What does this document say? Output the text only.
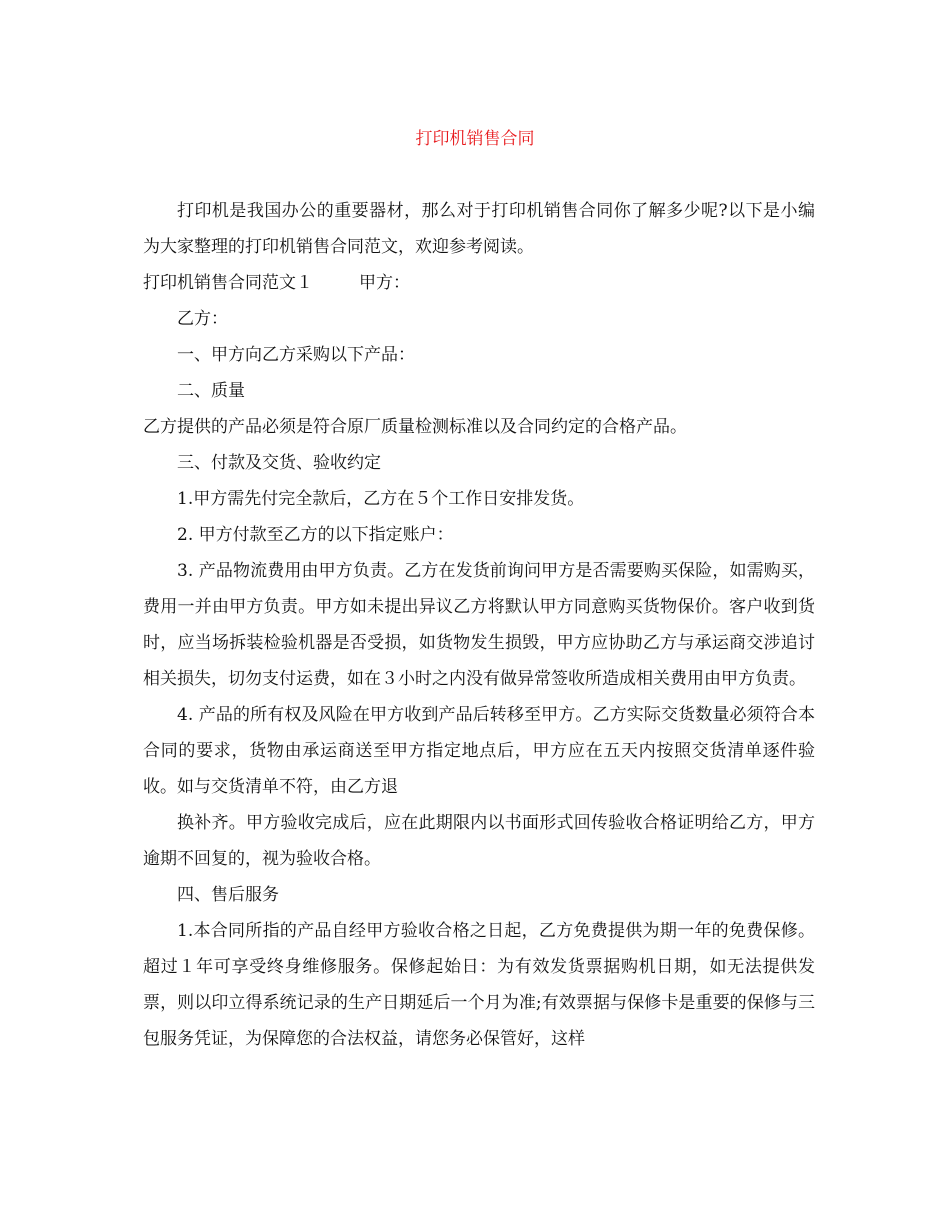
打印机销售合同

打印机是我国办公的重要器材，那么对于打印机销售合同你了解多少呢?以下是小编为大家整理的打印机销售合同范文，欢迎参考阅读。

打印机销售合同范文１	甲方：

乙方：

一、甲方向乙方采购以下产品：

二、质量

乙方提供的产品必须是符合原厂质量检测标准以及合同约定的合格产品。

三、付款及交货、验收约定

1.甲方需先付完全款后，乙方在５个工作日安排发货。

2. 甲方付款至乙方的以下指定账户：

3. 产品物流费用由甲方负责。乙方在发货前询问甲方是否需要购买保险，如需购买，费用一并由甲方负责。甲方如未提出异议乙方将默认甲方同意购买货物保价。客户收到货时，应当场拆装检验机器是否受损，如货物发生损毁，甲方应协助乙方与承运商交涉追讨相关损失，切勿支付运费，如在３小时之内没有做异常签收所造成相关费用由甲方负责。

4. 产品的所有权及风险在甲方收到产品后转移至甲方。乙方实际交货数量必须符合本合同的要求，货物由承运商送至甲方指定地点后，甲方应在五天内按照交货清单逐件验收。如与交货清单不符，由乙方退

换补齐。甲方验收完成后，应在此期限内以书面形式回传验收合格证明给乙方，甲方逾期不回复的，视为验收合格。

四、售后服务

1.本合同所指的产品自经甲方验收合格之日起，乙方免费提供为期一年的免费保修。 超过１年可享受终身维修服务。保修起始日：为有效发货票据购机日期，如无法提供发票，则以印立得系统记录的生产日期延后一个月为准;有效票据与保修卡是重要的保修与三包服务凭证，为保障您的合法权益，请您务必保管好，这样
